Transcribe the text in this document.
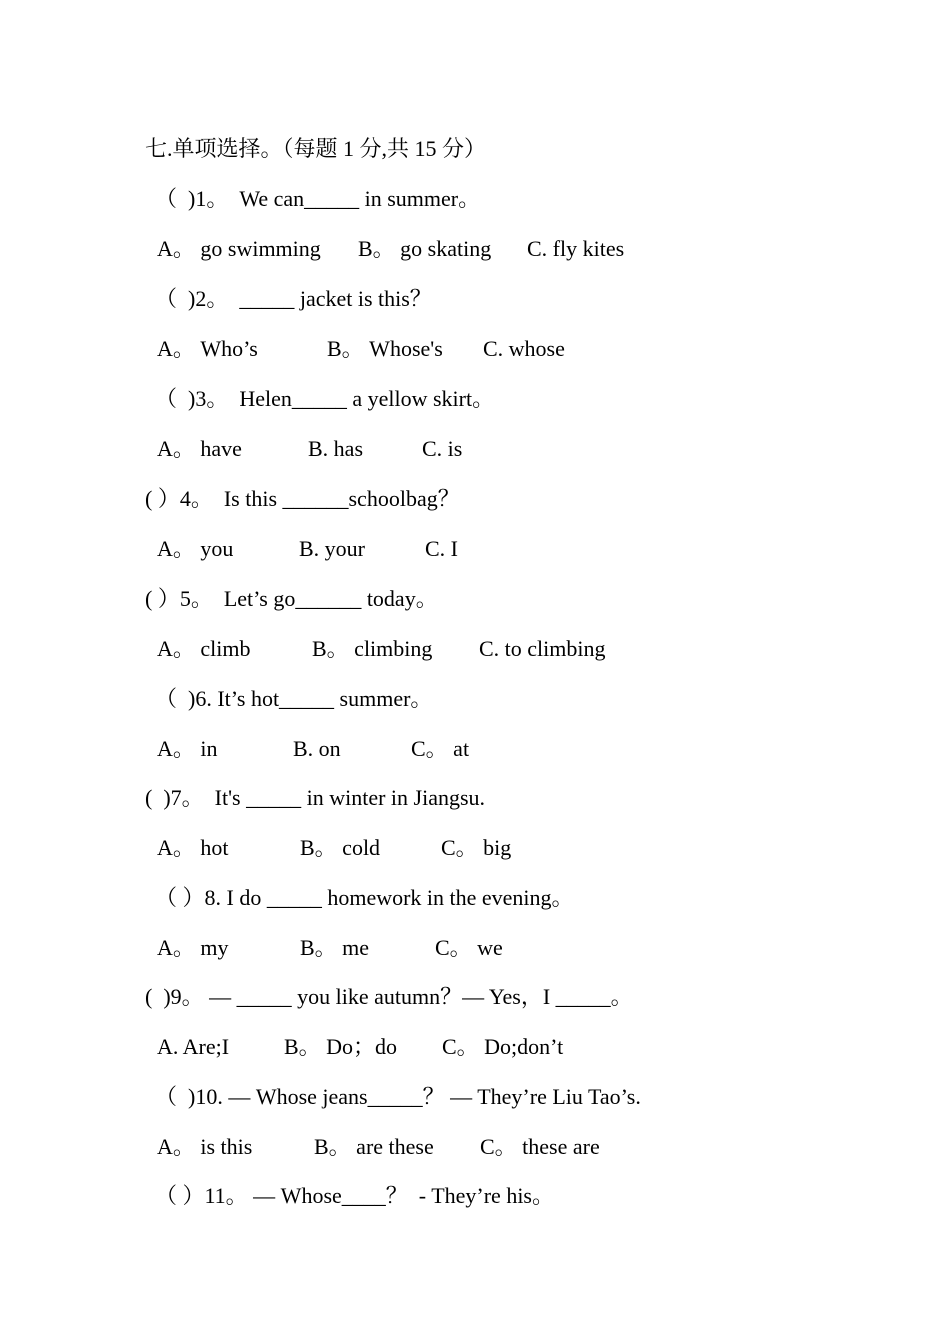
七.单项选择。（每题 1 分,共 15 分）

（  )1。  We can_____ in summer。

A。 go swimming

B。 go skating

C. fly kites

（  )2。  _____ jacket is this？

A。 Who’s

	B。 Whose's

C. whose

（  )3。  Helen_____ a yellow skirt。

A。 have

	B. has

	C. is

( ）4。  Is this ______schoolbag？

A。 you

	B. your

	C. I

( ）5。  Let’s go______ today。

A。 climb

	B。 climbing

C. to climbing

（  )6. It’s hot_____ summer。

A。 in

	B. on

	C。 at

(  )7。  It's _____ in winter in Jiangsu.

A。 hot

	B。 cold

	C。 big

（ ）8. I do _____ homework in the evening。

A。 my

	B。 me

	C。 we

(  )9。 — _____ you like autumn？— Yes，I _____。

A. Are;I

B。 Do；do

C。 Do;don’t

（  )10. — Whose jeans_____？ — They’re Liu Tao’s.

A。 is this

	B。 are these

C。 these are

（ ）11。 — Whose____？  - They’re his。
